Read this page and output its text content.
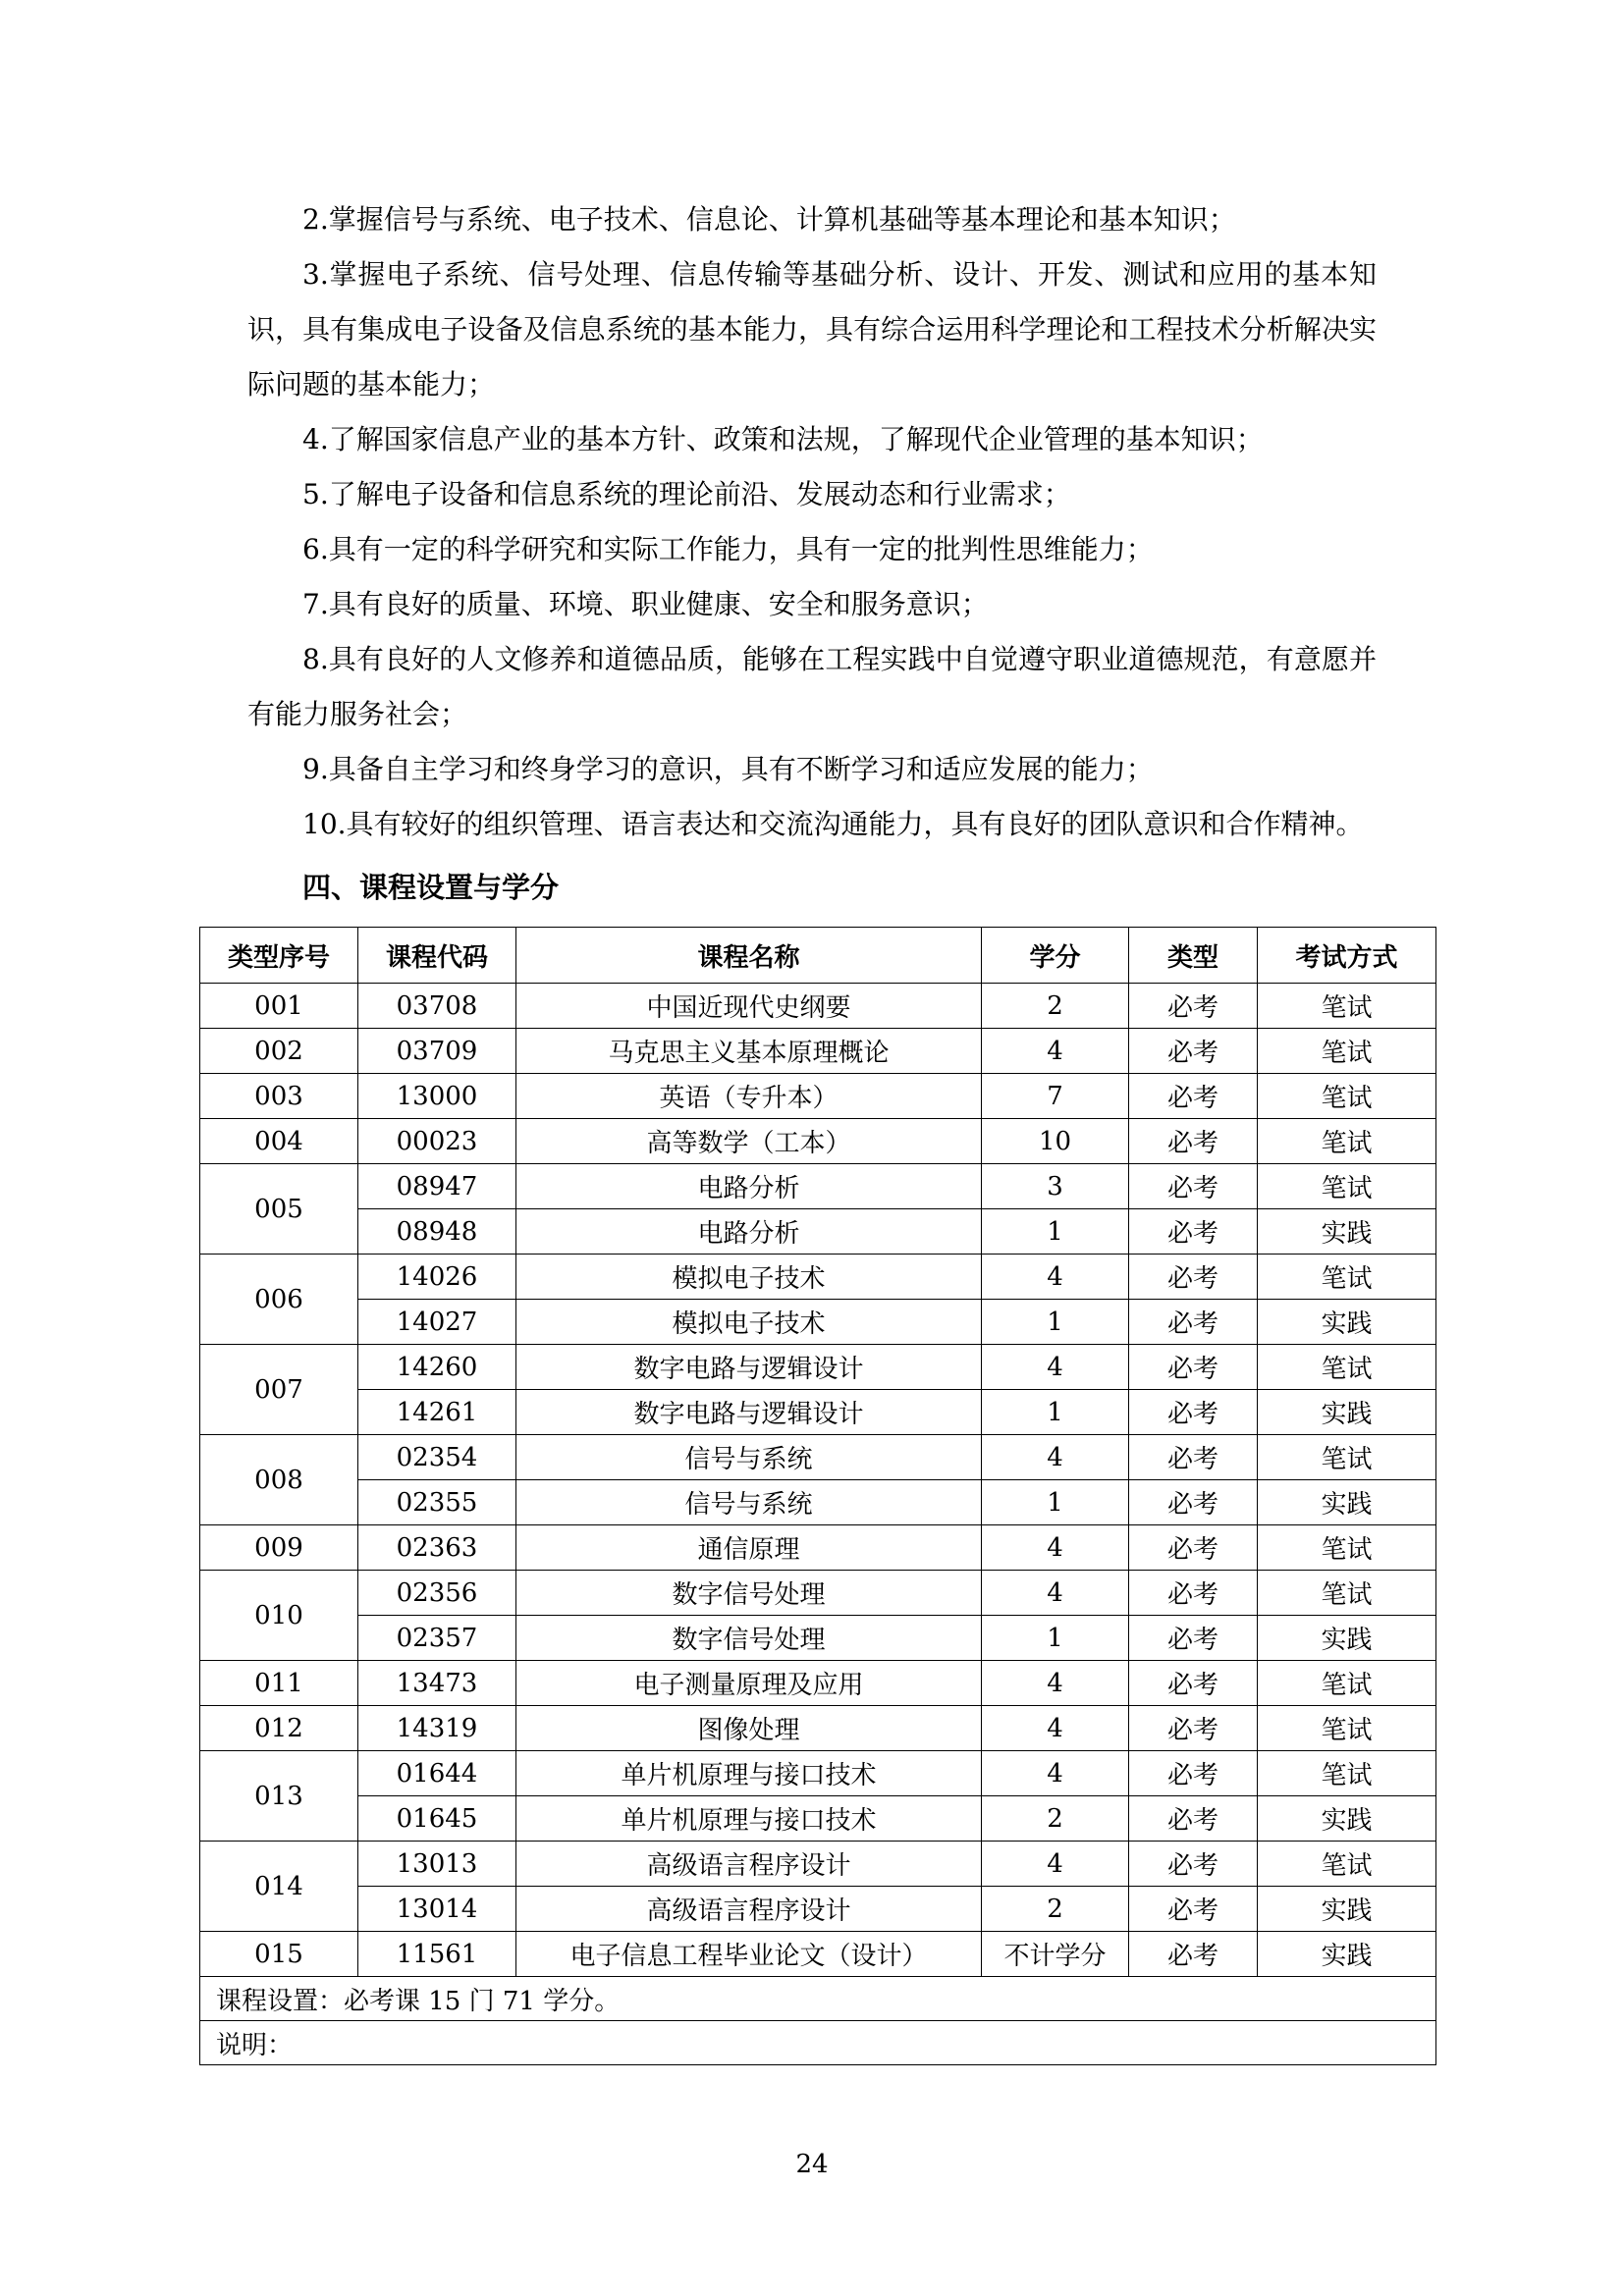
2.掌握信号与系统、电子技术、信息论、计算机基础等基本理论和基本知识；

3.掌握电子系统、信号处理、信息传输等基础分析、设计、开发、测试和应用的基本知识，具有集成电子设备及信息系统的基本能力，具有综合运用科学理论和工程技术分析解决实际问题的基本能力；

4.了解国家信息产业的基本方针、政策和法规，了解现代企业管理的基本知识；

5.了解电子设备和信息系统的理论前沿、发展动态和行业需求；

6.具有一定的科学研究和实际工作能力，具有一定的批判性思维能力；

7.具有良好的质量、环境、职业健康、安全和服务意识；

8.具有良好的人文修养和道德品质，能够在工程实践中自觉遵守职业道德规范，有意愿并有能力服务社会；

9.具备自主学习和终身学习的意识，具有不断学习和适应发展的能力；

10.具有较好的组织管理、语言表达和交流沟通能力，具有良好的团队意识和合作精神。

四、课程设置与学分
类型序号	课程代码	课程名称	学分	类型	考试方式
001	03708	中国近现代史纲要	2	必考	笔试
002	03709	马克思主义基本原理概论	4	必考	笔试
003	13000	英语（专升本）	7	必考	笔试
004	00023	高等数学（工本）	10	必考	笔试
005	08947	电路分析	3	必考	笔试
	08948	电路分析	1	必考	实践
006	14026	模拟电子技术	4	必考	笔试
	14027	模拟电子技术	1	必考	实践
007	14260	数字电路与逻辑设计	4	必考	笔试
	14261	数字电路与逻辑设计	1	必考	实践
008	02354	信号与系统	4	必考	笔试
	02355	信号与系统	1	必考	实践
009	02363	通信原理	4	必考	笔试
010	02356	数字信号处理	4	必考	笔试
	02357	数字信号处理	1	必考	实践
011	13473	电子测量原理及应用	4	必考	笔试
012	14319	图像处理	4	必考	笔试
013	01644	单片机原理与接口技术	4	必考	笔试
	01645	单片机原理与接口技术	2	必考	实践
014	13013	高级语言程序设计	4	必考	笔试
	13014	高级语言程序设计	2	必考	实践
015	11561	电子信息工程毕业论文（设计）	不计学分	必考	实践
课程设置：必考课 15 门 71 学分。					
说明：					
24
